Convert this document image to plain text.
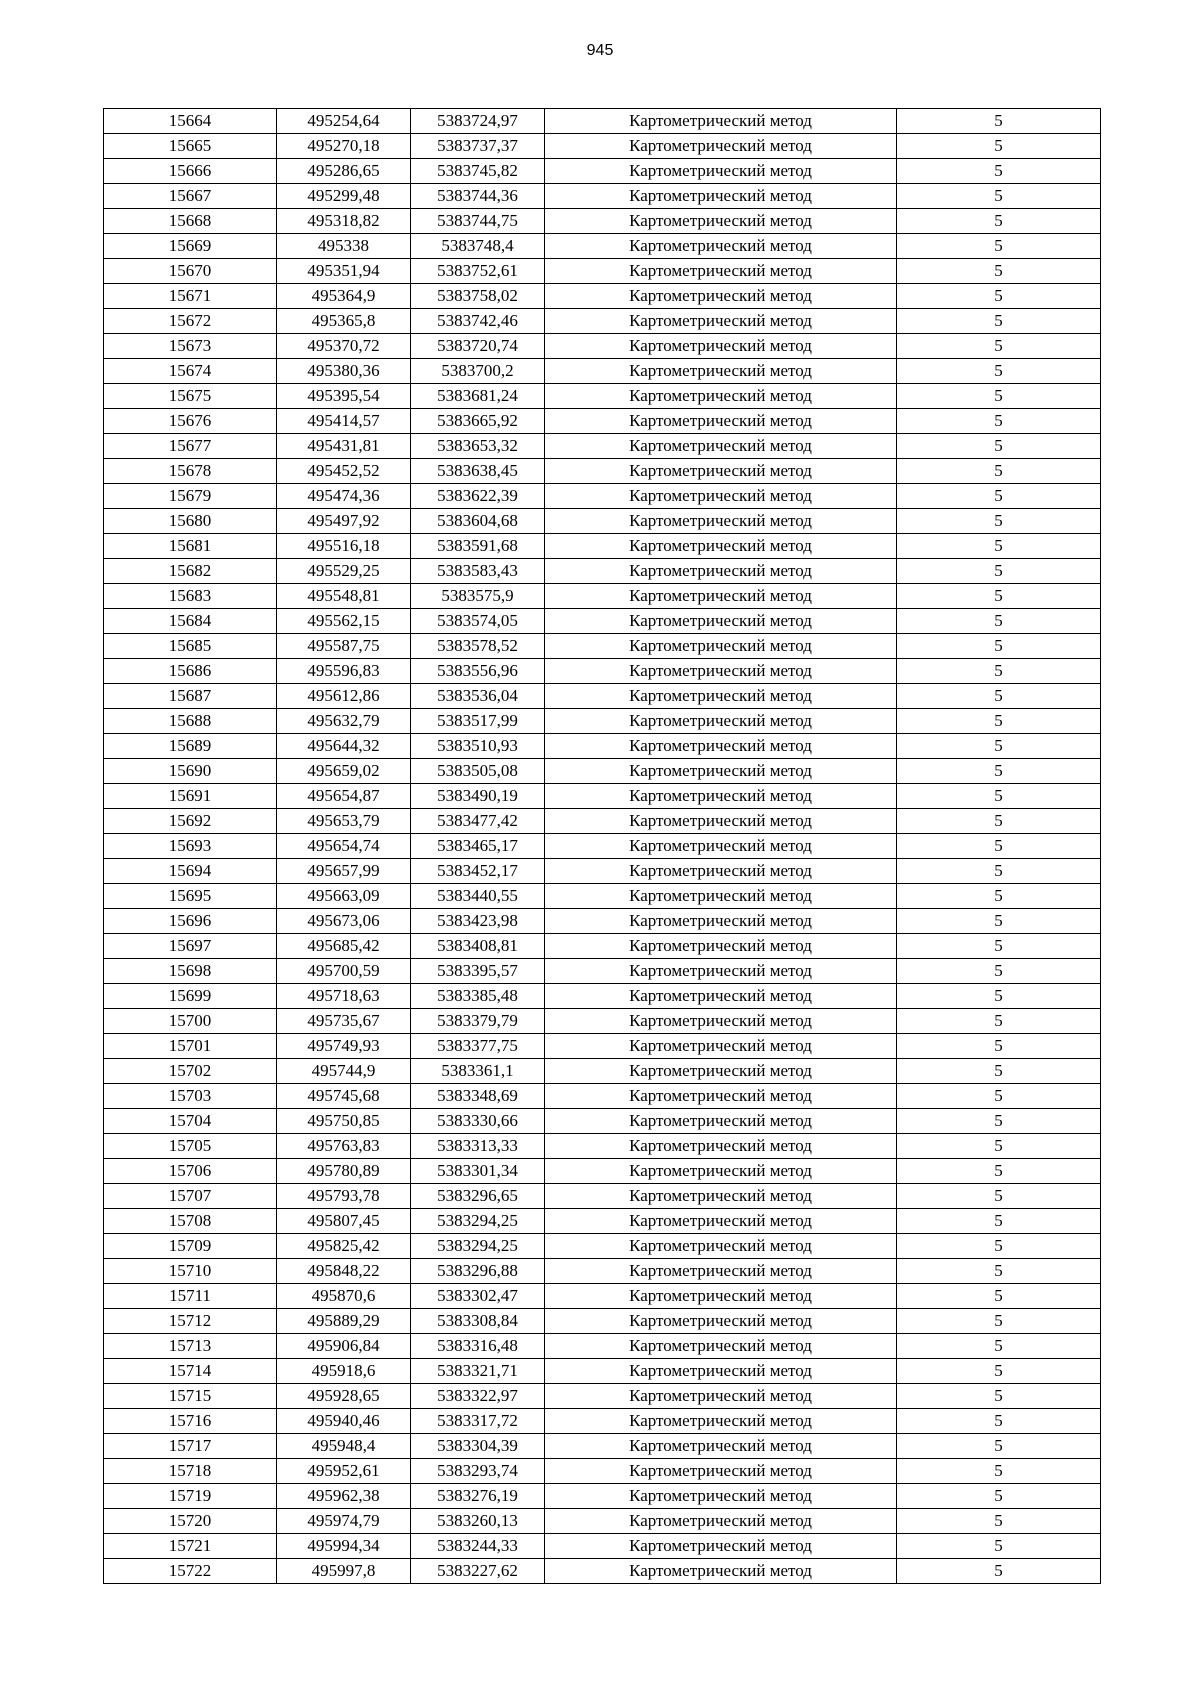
945
15664	495254,64	5383724,97	Картометрический метод	5
15665	495270,18	5383737,37	Картометрический метод	5
15666	495286,65	5383745,82	Картометрический метод	5
15667	495299,48	5383744,36	Картометрический метод	5
15668	495318,82	5383744,75	Картометрический метод	5
15669	495338	5383748,4	Картометрический метод	5
15670	495351,94	5383752,61	Картометрический метод	5
15671	495364,9	5383758,02	Картометрический метод	5
15672	495365,8	5383742,46	Картометрический метод	5
15673	495370,72	5383720,74	Картометрический метод	5
15674	495380,36	5383700,2	Картометрический метод	5
15675	495395,54	5383681,24	Картометрический метод	5
15676	495414,57	5383665,92	Картометрический метод	5
15677	495431,81	5383653,32	Картометрический метод	5
15678	495452,52	5383638,45	Картометрический метод	5
15679	495474,36	5383622,39	Картометрический метод	5
15680	495497,92	5383604,68	Картометрический метод	5
15681	495516,18	5383591,68	Картометрический метод	5
15682	495529,25	5383583,43	Картометрический метод	5
15683	495548,81	5383575,9	Картометрический метод	5
15684	495562,15	5383574,05	Картометрический метод	5
15685	495587,75	5383578,52	Картометрический метод	5
15686	495596,83	5383556,96	Картометрический метод	5
15687	495612,86	5383536,04	Картометрический метод	5
15688	495632,79	5383517,99	Картометрический метод	5
15689	495644,32	5383510,93	Картометрический метод	5
15690	495659,02	5383505,08	Картометрический метод	5
15691	495654,87	5383490,19	Картометрический метод	5
15692	495653,79	5383477,42	Картометрический метод	5
15693	495654,74	5383465,17	Картометрический метод	5
15694	495657,99	5383452,17	Картометрический метод	5
15695	495663,09	5383440,55	Картометрический метод	5
15696	495673,06	5383423,98	Картометрический метод	5
15697	495685,42	5383408,81	Картометрический метод	5
15698	495700,59	5383395,57	Картометрический метод	5
15699	495718,63	5383385,48	Картометрический метод	5
15700	495735,67	5383379,79	Картометрический метод	5
15701	495749,93	5383377,75	Картометрический метод	5
15702	495744,9	5383361,1	Картометрический метод	5
15703	495745,68	5383348,69	Картометрический метод	5
15704	495750,85	5383330,66	Картометрический метод	5
15705	495763,83	5383313,33	Картометрический метод	5
15706	495780,89	5383301,34	Картометрический метод	5
15707	495793,78	5383296,65	Картометрический метод	5
15708	495807,45	5383294,25	Картометрический метод	5
15709	495825,42	5383294,25	Картометрический метод	5
15710	495848,22	5383296,88	Картометрический метод	5
15711	495870,6	5383302,47	Картометрический метод	5
15712	495889,29	5383308,84	Картометрический метод	5
15713	495906,84	5383316,48	Картометрический метод	5
15714	495918,6	5383321,71	Картометрический метод	5
15715	495928,65	5383322,97	Картометрический метод	5
15716	495940,46	5383317,72	Картометрический метод	5
15717	495948,4	5383304,39	Картометрический метод	5
15718	495952,61	5383293,74	Картометрический метод	5
15719	495962,38	5383276,19	Картометрический метод	5
15720	495974,79	5383260,13	Картометрический метод	5
15721	495994,34	5383244,33	Картометрический метод	5
15722	495997,8	5383227,62	Картометрический метод	5
